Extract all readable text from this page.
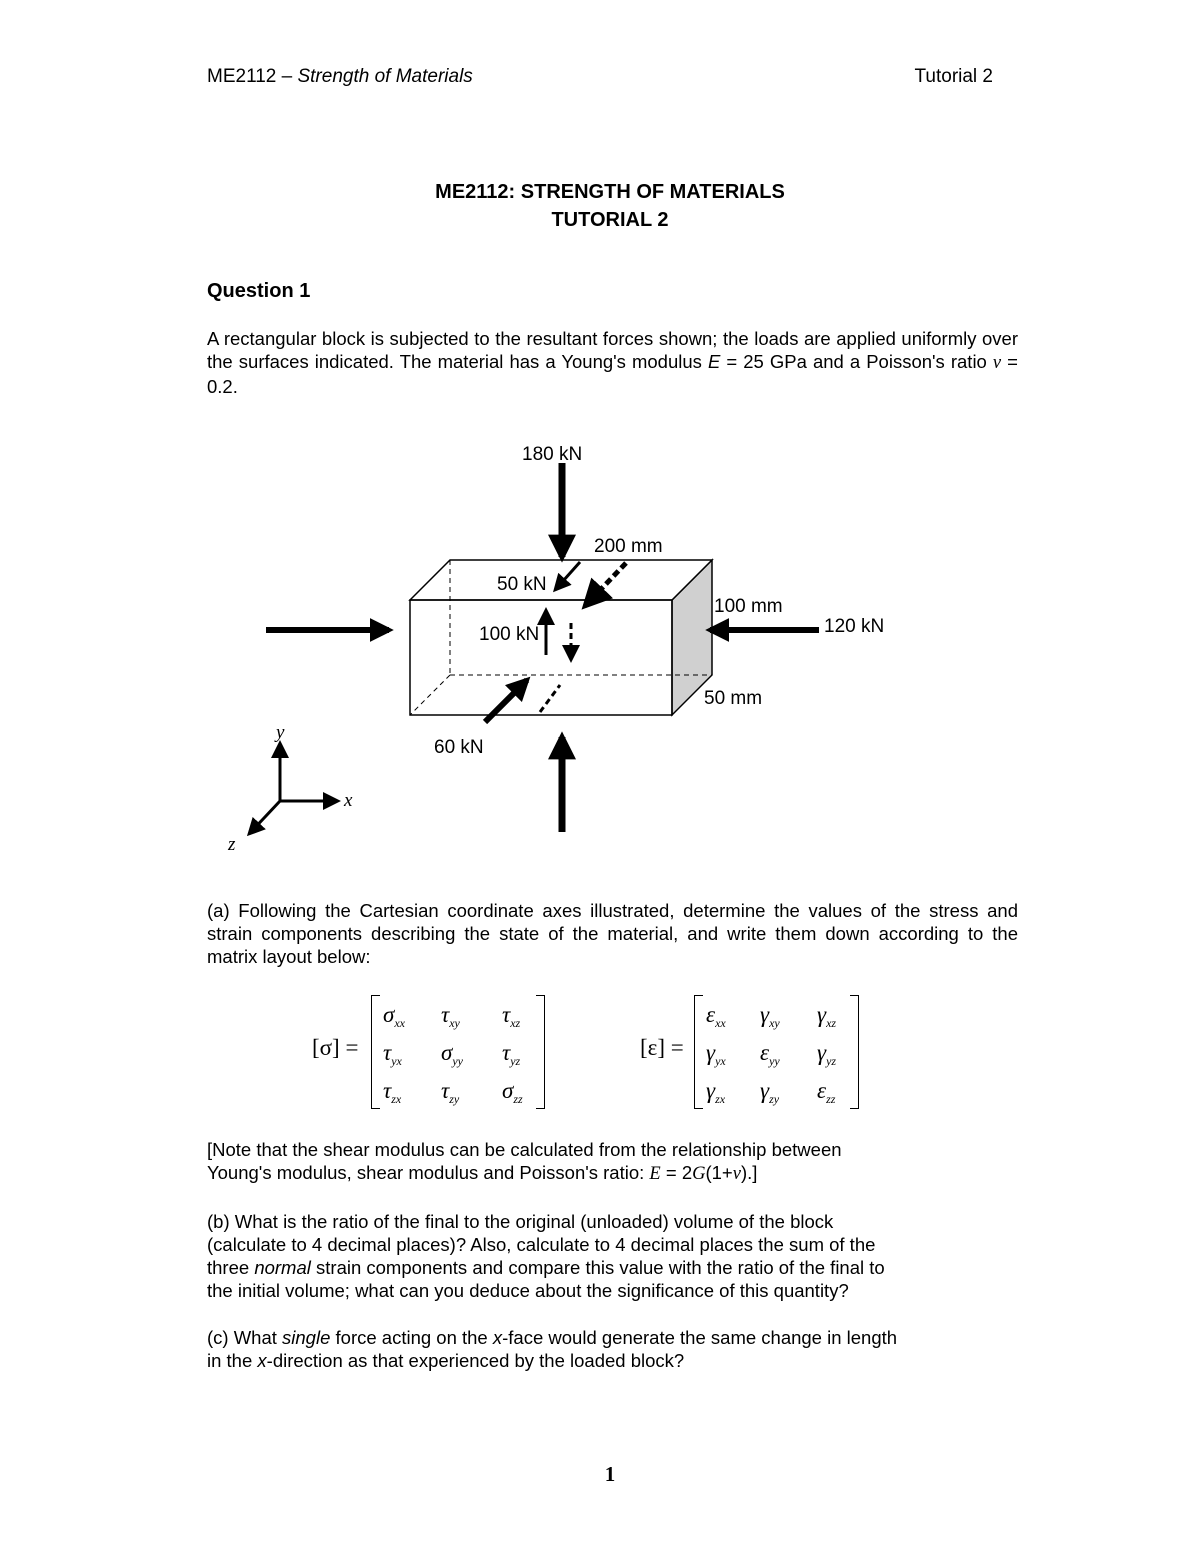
ME2112 – Strength of Materials	Tutorial 2
ME2112: STRENGTH OF MATERIALS
TUTORIAL 2
Question 1
A rectangular block is subjected to the resultant forces shown; the loads are applied uniformly over the surfaces indicated. The material has a Young's modulus E = 25 GPa and a Poisson's ratio ν = 0.2.
180 kN
200 mm
50 kN
100 kN
100 mm
120 kN
50 mm
60 kN
y
x
z
(a) Following the Cartesian coordinate axes illustrated, determine the values of the stress and strain components describing the state of the material, and write them down according to the matrix layout below:
[σ] =
$\sigma_{xx}$ $\tau_{xy}$ $\tau_{xz}$
$\tau_{yx}$ $\sigma_{yy}$ $\tau_{yz}$
$\tau_{zx}$ $\tau_{zy}$ $\sigma_{zz}$
[ε] =
$\varepsilon_{xx}$ $\gamma_{xy}$ $\gamma_{xz}$
$\gamma_{yx}$ $\varepsilon_{yy}$ $\gamma_{yz}$
$\gamma_{zx}$ $\gamma_{zy}$ $\varepsilon_{zz}$

[Note that the shear modulus can be calculated from the relationship between

Young's modulus, shear modulus and Poisson's ratio: E = 2G(1+ν).]

(b) What is the ratio of the final to the original (unloaded) volume of the block

(calculate to 4 decimal places)? Also, calculate to 4 decimal places the sum of the

three normal strain components and compare this value with the ratio of the final to

the initial volume; what can you deduce about the significance of this quantity?

(c) What single force acting on the x-face would generate the same change in length

in the x-direction as that experienced by the loaded block?

1
